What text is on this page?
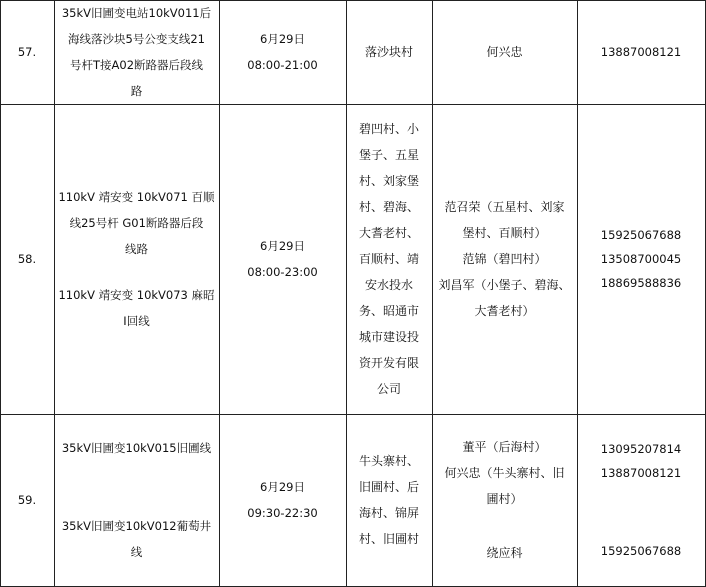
57.
35kV旧圃变电站10kV011后
海线落沙块5号公变支线21
号杆T接A02断路器后段线
路
6月29日
08:00-21:00
落沙块村	何兴忠	13887008121
58.
110kV 靖安变 10kV071 百顺
线25号杆 G01断路器后段
线路
110kV 靖安变 10kV073 麻昭
Ⅰ回线
6月29日
08:00-23:00
碧凹村、小
堡子、五星
村、刘家堡
村、碧海、
大耆老村、
百顺村、靖
安水投水
务、昭通市
城市建设投
资开发有限
公司
范召荣（五星村、刘家
堡村、百顺村）
范锦（碧凹村）
刘昌军（小堡子、碧海、
大耆老村）
15925067688
13508700045
18869588836
59.
35kV旧圃变10kV015旧圃线
35kV旧圃变10kV012葡萄井
线
6月29日
09:30-22:30
牛头寨村、
旧圃村、后
海村、锦屏
村、旧圃村
董平（后海村）
何兴忠（牛头寨村、旧
圃村）
绕应科
13095207814
13887008121
15925067688
